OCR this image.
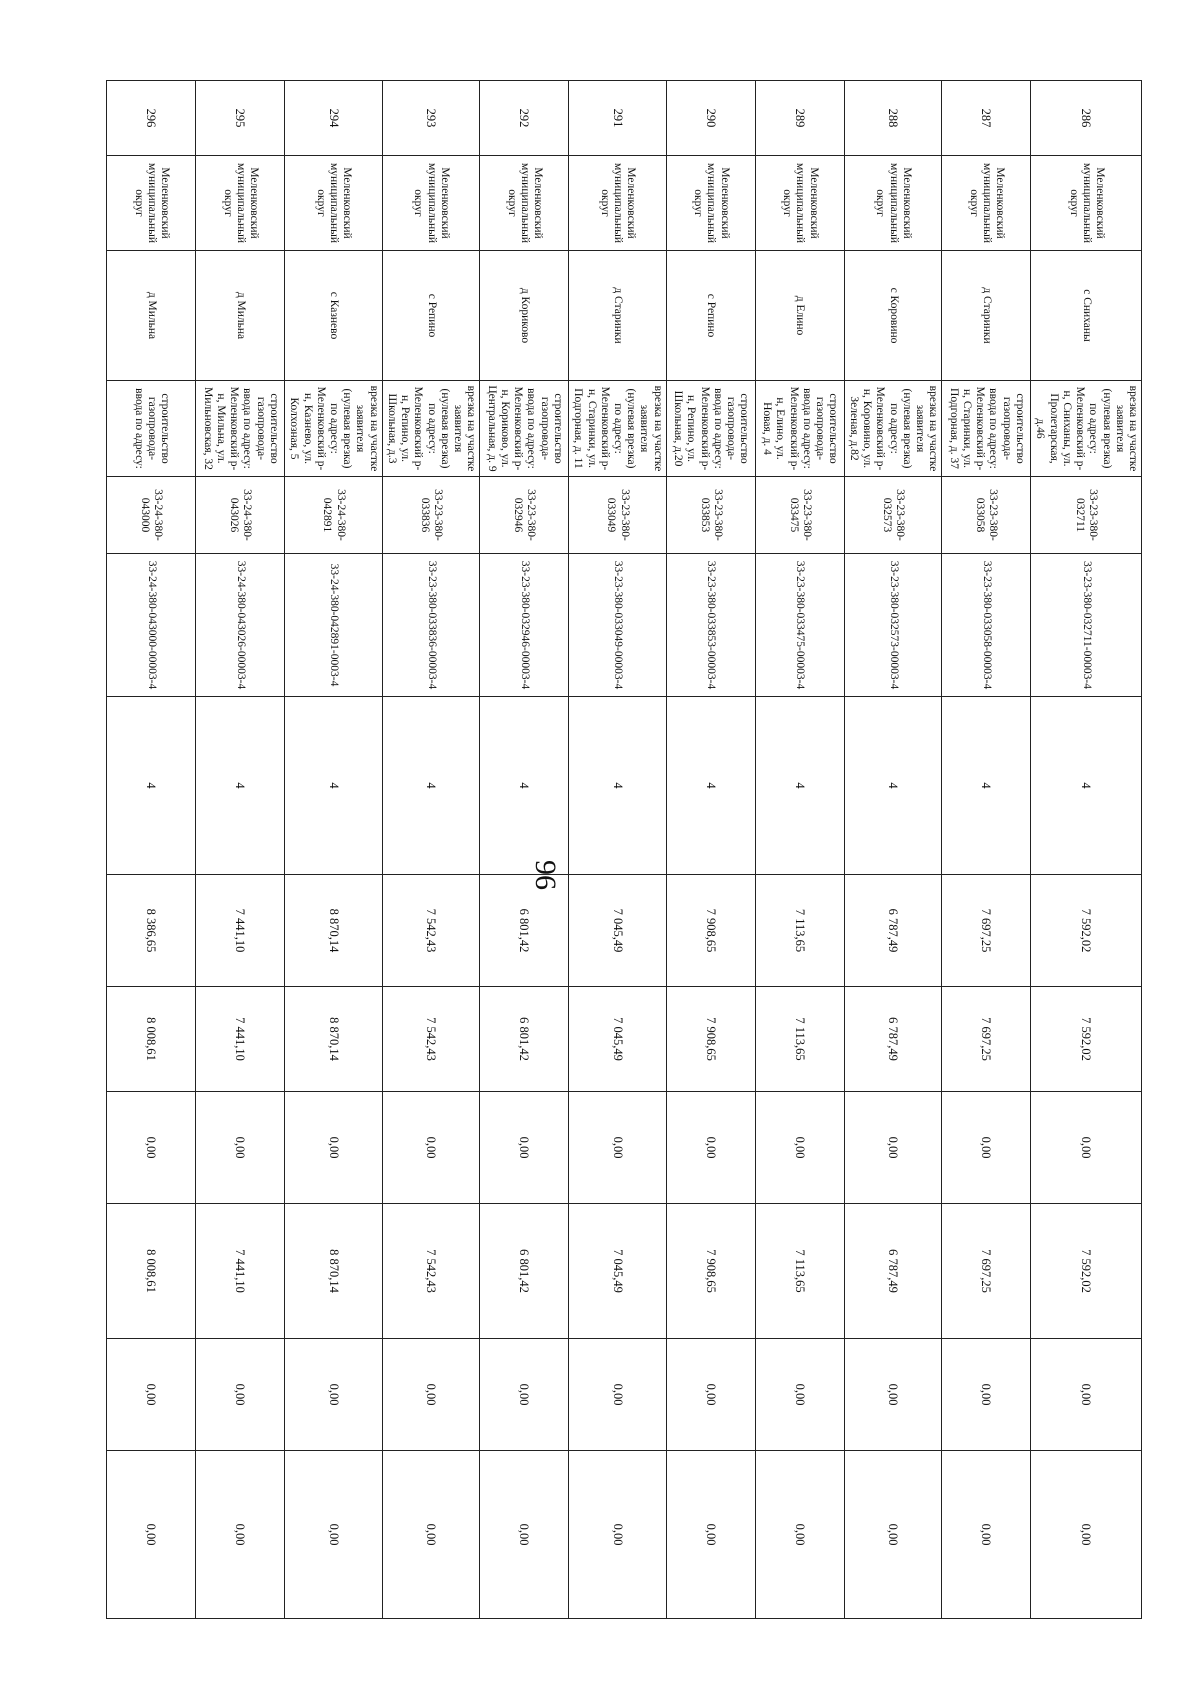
96
286	Меленковский муниципальный округ	с Сниханы	врезка на участке заявителя (нулевая врезка) по адресу: Меленковский р-н, Сниханы, ул. Пролетарская, д.46	33-23-380-032711	33-23-380-032711-00003-4	4	7 592,02	7 592,02	0,00	7 592,02	0,00	0,00
287	Меленковский муниципальный округ	д Старинки	строительство газопровода-ввода по адресу: Меленковский р-н, Старинки, ул. Подгорная, д. 37	33-23-380-033058	33-23-380-033058-00003-4	4	7 697,25	7 697,25	0,00	7 697,25	0,00	0,00
288	Меленковский муниципальный округ	с Коровино	врезка на участке заявителя (нулевая врезка) по адресу: Меленковский р-н, Коровино, ул. Зеленая, д.82	33-23-380-032573	33-23-380-032573-00003-4	4	6 787,49	6 787,49	0,00	6 787,49	0,00	0,00
289	Меленковский муниципальный округ	д Елино	строительство газопровода-ввода по адресу: Меленковский р-н, Елино, ул. Новая, д. 4	33-23-380-033475	33-23-380-033475-00003-4	4	7 113,65	7 113,65	0,00	7 113,65	0,00	0,00
290	Меленковский муниципальный округ	с Репино	строительство газопровода-ввода по адресу: Меленковский р-н, Репино, ул. Школьная, д.20	33-23-380-033853	33-23-380-033853-00003-4	4	7 908,65	7 908,65	0,00	7 908,65	0,00	0,00
291	Меленковский муниципальный округ	д Старинки	врезка на участке заявителя (нулевая врезка) по адресу: Меленковский р-н, Старинки, ул. Подгорная, д. 11	33-23-380-033049	33-23-380-033049-00003-4	4	7 045,49	7 045,49	0,00	7 045,49	0,00	0,00
292	Меленковский муниципальный округ	д Кориково	строительство газопровода-ввода по адресу: Меленковский р-н, Кориково, ул. Центральная, д. 9	33-23-380-032946	33-23-380-032946-00003-4	4	6 801,42	6 801,42	0,00	6 801,42	0,00	0,00
293	Меленковский муниципальный округ	с Репино	врезка на участке заявителя (нулевая врезка) по адресу: Меленковский р-н, Репино, ул. Школьная, д.3	33-23-380-033836	33-23-380-033836-00003-4	4	7 542,43	7 542,43	0,00	7 542,43	0,00	0,00
294	Меленковский муниципальный округ	с Казнево	врезка на участке заявителя (нулевая врезка) по адресу: Меленковский р-н, Казнево, ул. Колхозная, 5	33-24-380-042891	33-24-380-042891-0003-4	4	8 870,14	8 870,14	0,00	8 870,14	0,00	0,00
295	Меленковский муниципальный округ	д Мильна	строительство газопровода-ввода по адресу: Меленковский р-н, Мильна, ул. Мильновская, 32	33-24-380-043026	33-24-380-043026-00003-4	4	7 441,10	7 441,10	0,00	7 441,10	0,00	0,00
296	Меленковский муниципальный округ	д Мильна	строительство газопровода-ввода по адресу:	33-24-380-043000	33-24-380-043000-00003-4	4	8 386,65	8 008,61	0,00	8 008,61	0,00	0,00
